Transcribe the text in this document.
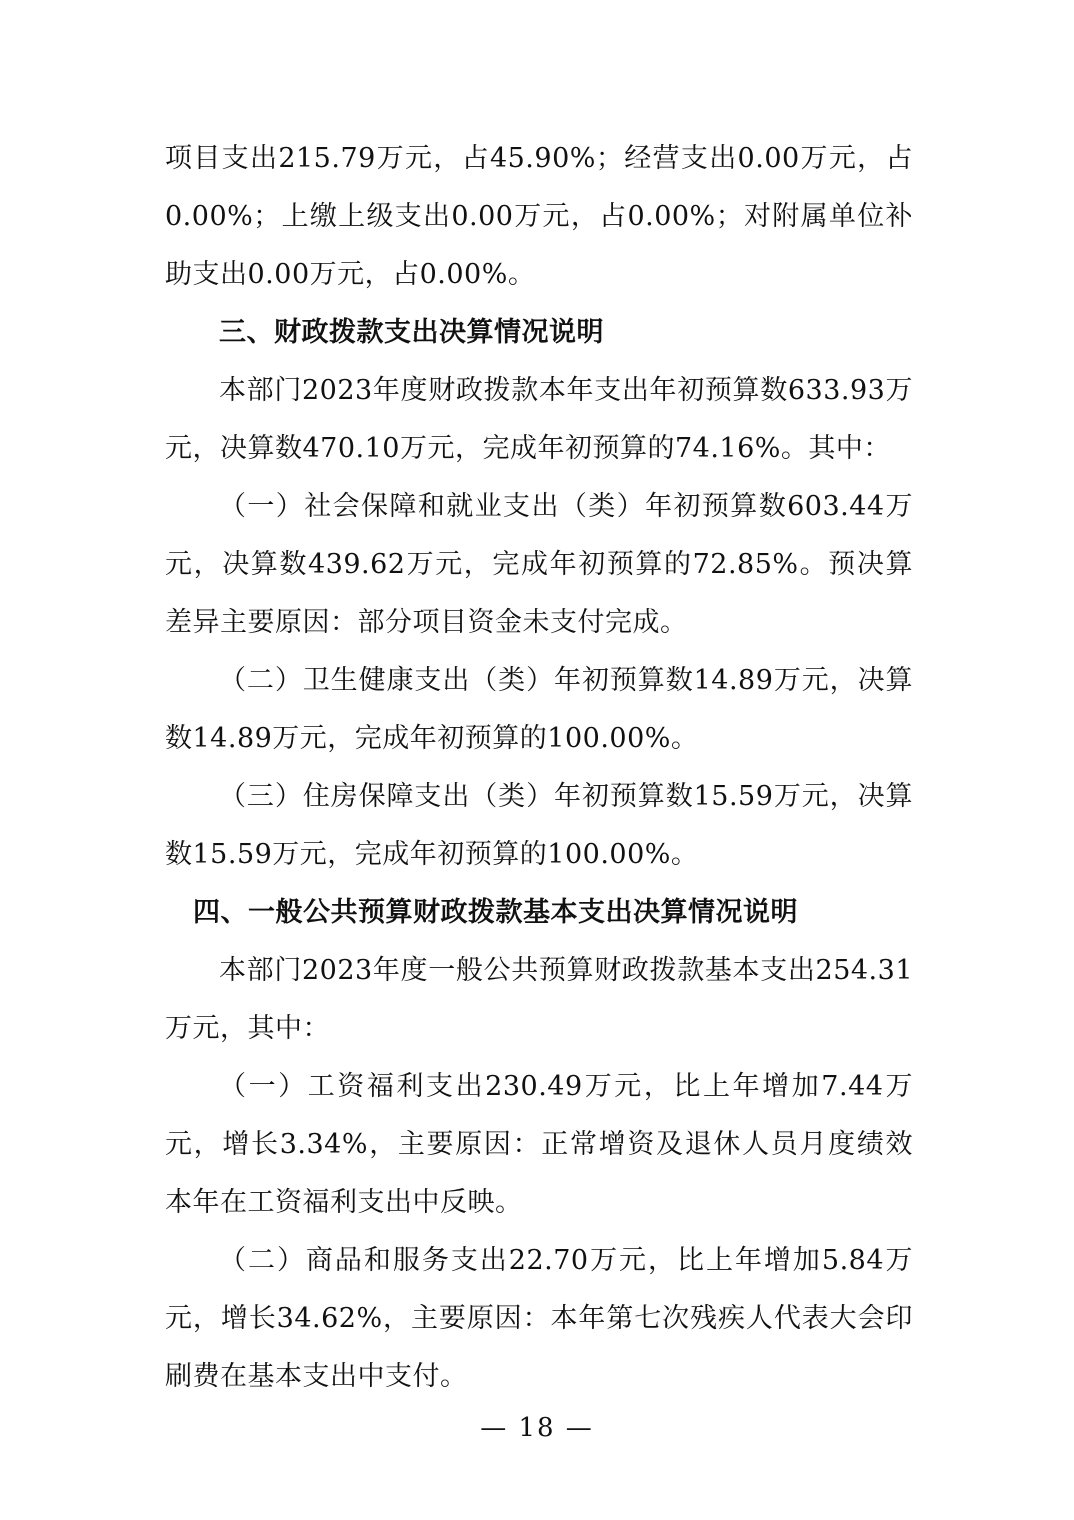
项目支出215.79万元，占45.90%；经营支出0.00万元，占0.00%；上缴上级支出0.00万元，占0.00%；对附属单位补助支出0.00万元，占0.00%。

三、财政拨款支出决算情况说明

本部门2023年度财政拨款本年支出年初预算数633.93万元，决算数470.10万元，完成年初预算的74.16%。其中：

（一）社会保障和就业支出（类）年初预算数603.44万元，决算数439.62万元，完成年初预算的72.85%。预决算差异主要原因：部分项目资金未支付完成。

（二）卫生健康支出（类）年初预算数14.89万元，决算数14.89万元，完成年初预算的100.00%。

（三）住房保障支出（类）年初预算数15.59万元，决算数15.59万元，完成年初预算的100.00%。

四、一般公共预算财政拨款基本支出决算情况说明

本部门2023年度一般公共预算财政拨款基本支出254.31万元，其中：

（一）工资福利支出230.49万元，比上年增加7.44万元，增长3.34%，主要原因：正常增资及退休人员月度绩效本年在工资福利支出中反映。

（二）商品和服务支出22.70万元，比上年增加5.84万元，增长34.62%，主要原因：本年第七次残疾人代表大会印刷费在基本支出中支付。

— 18 —
